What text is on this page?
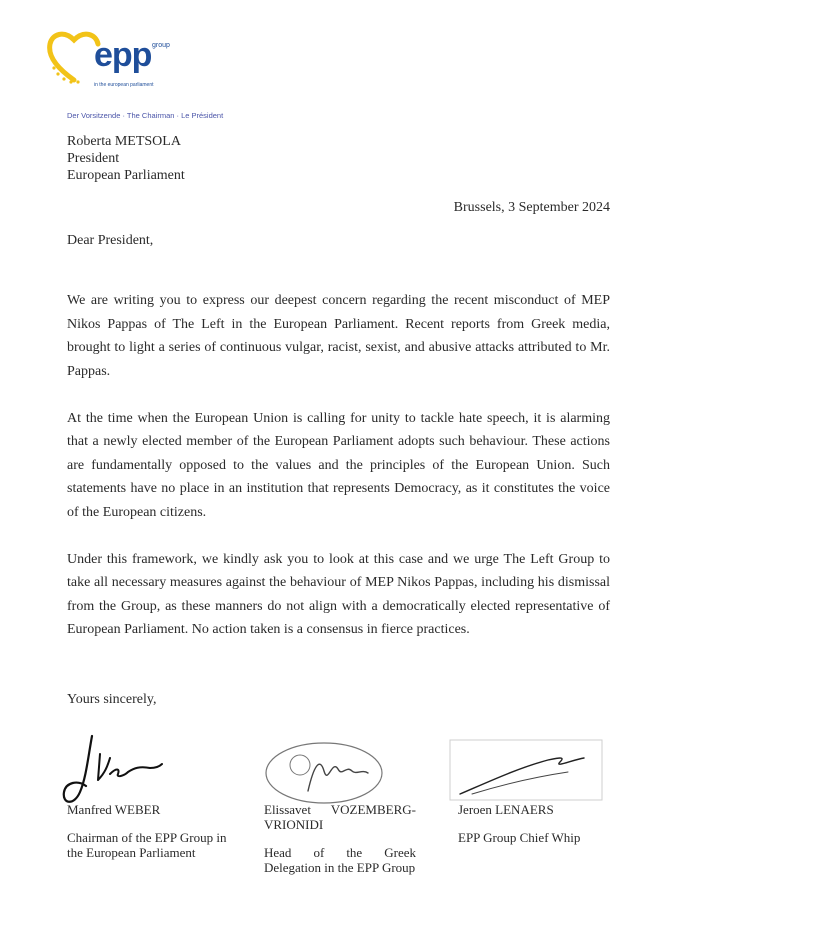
epp group
in the european parliament
Der Vorsitzende · The Chairman · Le Président
Roberta METSOLA
President
European Parliament
Brussels, 3 September 2024
Dear President,

We are writing you to express our deepest concern regarding the recent misconduct of MEP Nikos Pappas of The Left in the European Parliament. Recent reports from Greek media, brought to light a series of continuous vulgar, racist, sexist, and abusive attacks attributed to Mr. Pappas.

At the time when the European Union is calling for unity to tackle hate speech, it is alarming that a newly elected member of the European Parliament adopts such behaviour. These actions are fundamentally opposed to the values and the principles of the European Union. Such statements have no place in an institution that represents Democracy, as it constitutes the voice of the European citizens.

Under this framework, we kindly ask you to look at this case and we urge The Left Group to take all necessary measures against the behaviour of MEP Nikos Pappas, including his dismissal from the Group, as these manners do not align with a democratically elected representative of European Parliament. No action taken is a consensus in fierce practices.

Yours sincerely,
Manfred WEBER
Chairman of the EPP Group in the European Parliament
Elissavet VOZEMBERG-VRIONIDI
Head of the Greek Delegation in the EPP Group
Jeroen LENAERS
EPP Group Chief Whip
